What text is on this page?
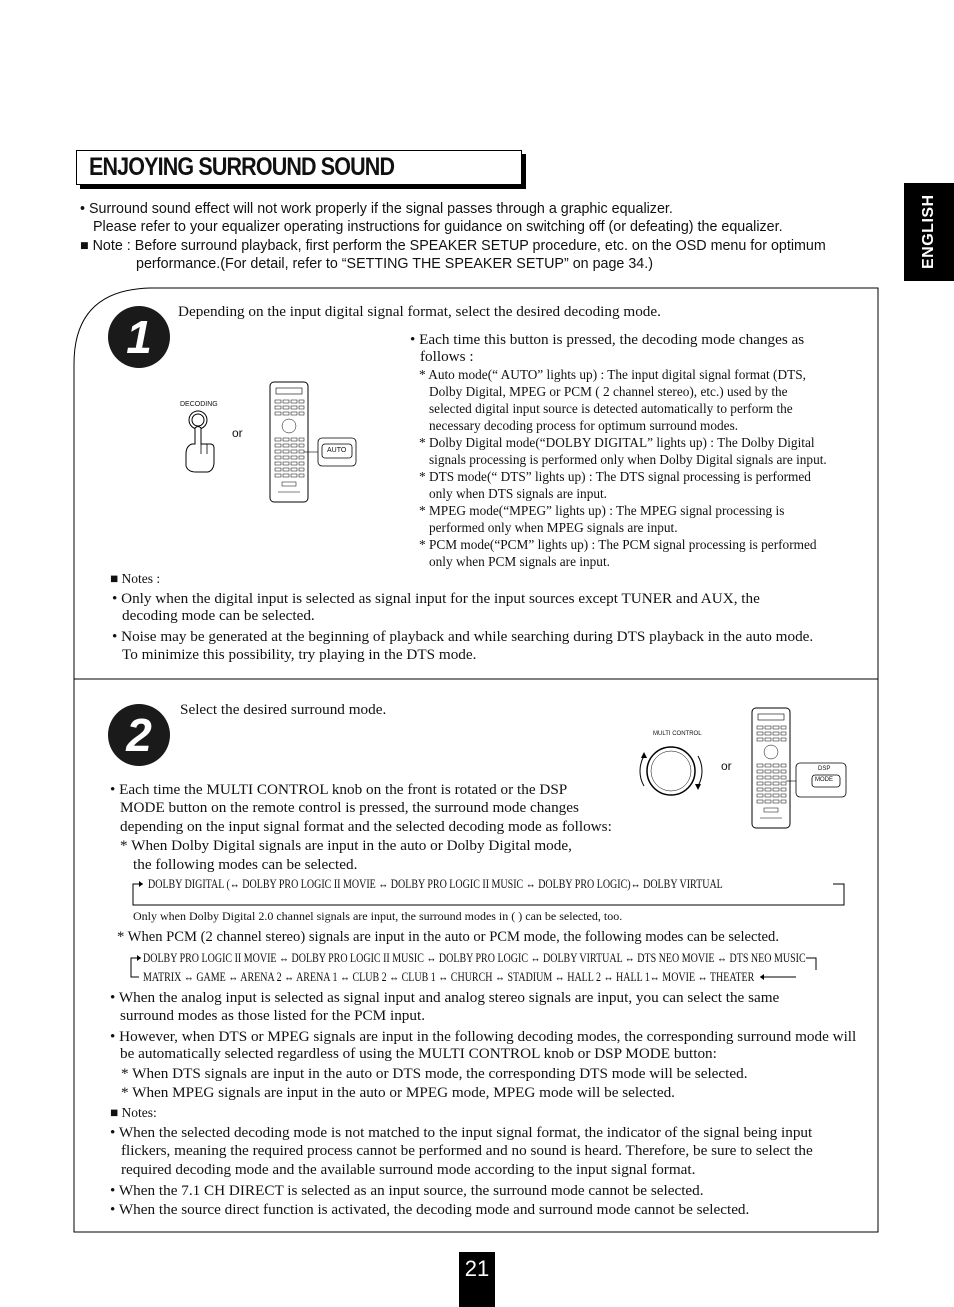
ENJOYING SURROUND SOUND
ENGLISH
• Surround sound effect will not work properly if the signal passes through a graphic equalizer.
Please refer to your equalizer operating instructions for guidance on switching off (or defeating) the equalizer.
■ Note : Before surround playback, first perform the SPEAKER SETUP procedure, etc. on the OSD menu for optimum
performance.(For detail, refer to “SETTING THE SPEAKER SETUP” on page 34.)
1	Depending on the input digital signal format, select the desired decoding mode.
DECODING
or
AUTO
• Each time this button is pressed, the decoding mode changes as
follows :
* Auto mode(“ AUTO” lights up) : The input digital signal format (DTS,
Dolby Digital, MPEG or PCM ( 2 channel stereo), etc.) used by the
selected digital input source is detected automatically to perform the
necessary decoding process for optimum surround modes.
* Dolby Digital mode(“DOLBY DIGITAL” lights up) : The Dolby Digital
signals processing is performed only when Dolby Digital signals are input.
* DTS mode(“ DTS” lights up) : The DTS signal processing is performed
only when DTS signals are input.
* MPEG mode(“MPEG” lights up) : The MPEG signal processing is
performed only when MPEG signals are input.
* PCM mode(“PCM” lights up) : The PCM signal processing is performed
only when PCM signals are input.
■ Notes :
• Only when the digital input is selected as signal input for the input sources except TUNER and AUX, the
decoding mode can be selected.
• Noise may be generated at the beginning of playback and while searching during DTS playback in the auto mode.
To minimize this possibility, try playing in the DTS mode.
2	Select the desired surround mode.
MULTI CONTROL
or	DSP
MODE
• Each time the MULTI CONTROL knob on the front is rotated or the DSP
MODE button on the remote control is pressed, the surround mode changes
depending on the input signal format and the selected decoding mode as follows:
* When Dolby Digital signals are input in the auto or Dolby Digital mode,
the following modes can be selected.
DOLBY DIGITAL (↔ DOLBY PRO LOGIC II MOVIE ↔ DOLBY PRO LOGIC II MUSIC ↔ DOLBY PRO LOGIC)↔ DOLBY VIRTUAL
Only when Dolby Digital 2.0 channel signals are input, the surround modes in ( ) can be selected, too.
* When PCM (2 channel stereo) signals are input in the auto or PCM mode, the following modes can be selected.
DOLBY PRO LOGIC II MOVIE ↔ DOLBY PRO LOGIC II MUSIC ↔ DOLBY PRO LOGIC ↔ DOLBY VIRTUAL ↔ DTS NEO MOVIE ↔ DTS NEO MUSIC
MATRIX ↔ GAME ↔ ARENA 2 ↔ ARENA 1 ↔ CLUB 2 ↔ CLUB 1 ↔ CHURCH ↔ STADIUM ↔ HALL 2 ↔ HALL 1↔ MOVIE ↔ THEATER
• When the analog input is selected as signal input and analog stereo signals are input, you can select the same
surround modes as those listed for the PCM input.
• However, when DTS or MPEG signals are input in the following decoding modes, the corresponding surround mode will
be automatically selected regardless of using the MULTI CONTROL knob or DSP MODE button:
* When DTS signals are input in the auto or DTS mode, the corresponding DTS mode will be selected.
* When MPEG signals are input in the auto or MPEG mode, MPEG mode will be selected.
■ Notes:
• When the selected decoding mode is not matched to the input signal format, the indicator of the signal being input
flickers, meaning the required process cannot be performed and no sound is heard. Therefore, be sure to select the
required decoding mode and the available surround mode according to the input signal format.
• When the 7.1 CH DIRECT is selected as an input source, the surround mode cannot be selected.
• When the source direct function is activated, the decoding mode and surround mode cannot be selected.
21
